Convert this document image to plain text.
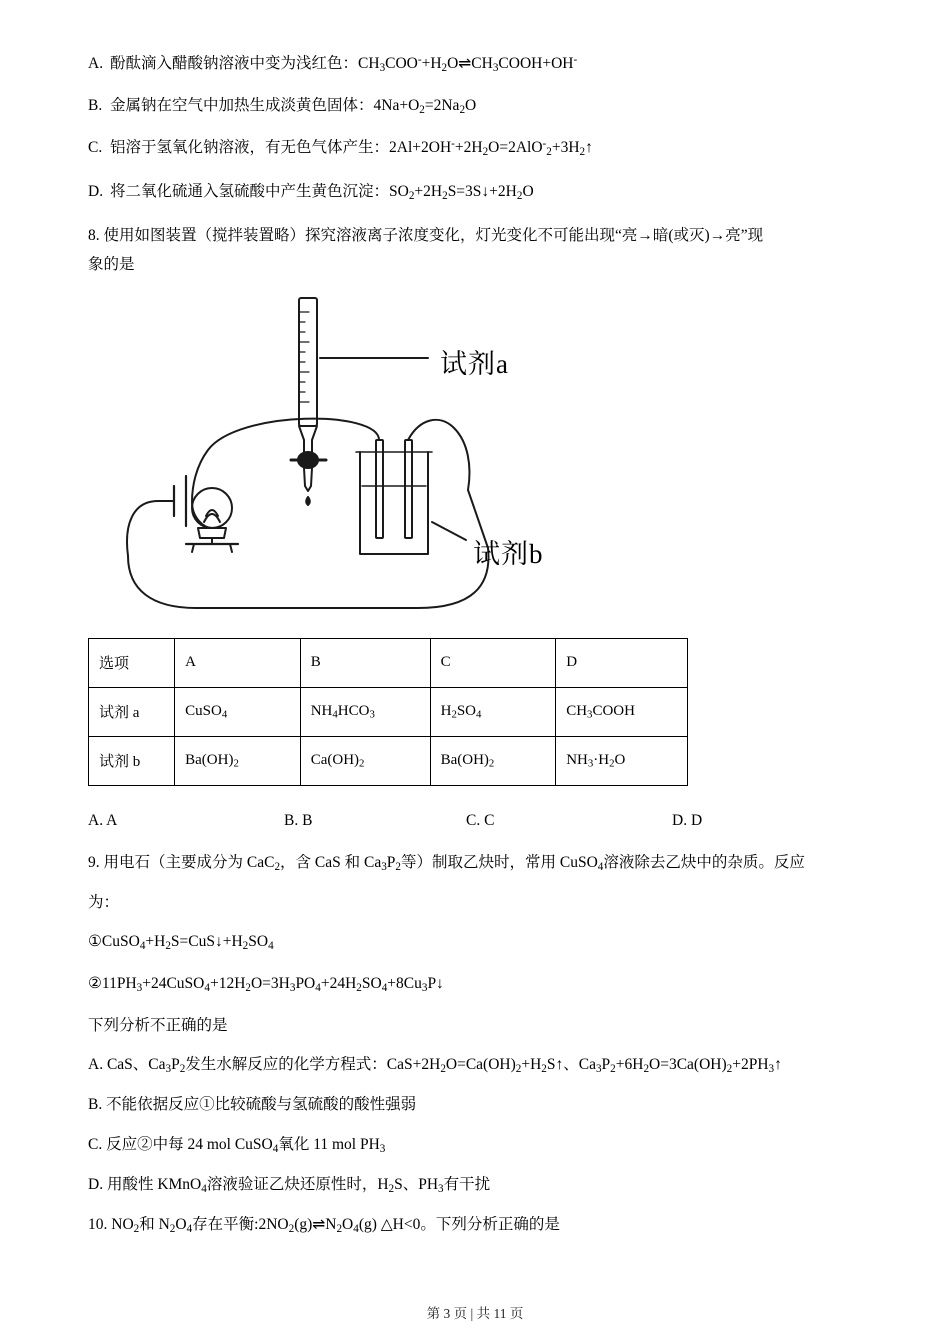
A. 酚酞滴入醋酸钠溶液中变为浅红色：$CH_3COO^-+H_2O\rightleftharpoons CH_3COOH+OH^-$
B. 金属钠在空气中加热生成淡黄色固体：$4Na+O_2=2Na_2O$
C. 铝溶于氢氧化钠溶液，有无色气体产生：$2Al+2OH^-+2H_2O=2AlO^-_2+3H_2↑$
D. 将二氧化硫通入氢硫酸中产生黄色沉淀：$SO_2+2H_2S=3S↓+2H_2O$
8. 使用如图装置（搅拌装置略）探究溶液离子浓度变化，灯光变化不可能出现“亮→暗(或灭)→亮”现
象的是
试剂a
试剂b
选项	A	B	C	D
试剂 a	CuSO$_4$	$NH_4HCO_3$	$H_2SO_4$	$CH_3COOH$
试剂 b	$Ba(OH)_2$	$Ca(OH)_2$	$Ba(OH)_2$	$NH_3\cdot H_2O$
A. A	B. B	C. C	D. D

9. 用电石（主要成分为 CaC$_2$，含 CaS 和 $Ca_3P_2$等）制取乙炔时，常用 CuSO$_4$溶液除去乙炔中的杂质。反应

为：

$①CuSO_4+H_2S=CuS↓+H_2SO_4$

$②11PH_3+24CuSO_4+12H_2O=3H_3PO_4+24H_2SO_4+8Cu_3P↓$

下列分析不正确的是

A. CaS、$Ca_3P_2$发生水解反应的化学方程式：$CaS+2H_2O=Ca(OH)_2+H_2S↑$、$Ca_3P_2+6H_2O=3Ca(OH)_2+2PH_3↑$

B. 不能依据反应①比较硫酸与氢硫酸的酸性强弱

C. 反应②中每 24 mol CuSO$_4$氧化 11 mol $PH_3$

D. 用酸性 KMnO$_4$溶液验证乙炔还原性时，$H_2S$、$PH_3$有干扰

10. $NO_2$和 $N_2O_4$存在平衡$:2NO_2(g)\rightleftharpoons N_2O_4(g)$ △H<0。下列分析正确的是
第 3 页 | 共 11 页
